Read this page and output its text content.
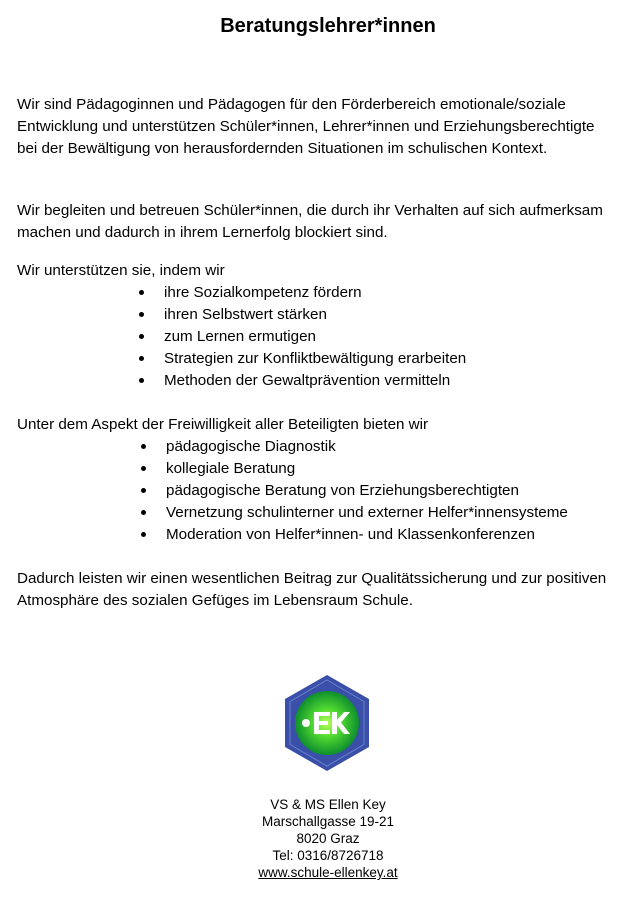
Beratungslehrer*innen

Wir sind Pädagoginnen und Pädagogen für den Förderbereich emotionale/soziale Entwicklung und unterstützen Schüler*innen, Lehrer*innen und Erziehungsberechtigte bei der Bewältigung von herausfordernden Situationen im schulischen Kontext.

Wir begleiten und betreuen Schüler*innen, die durch ihr Verhalten auf sich aufmerksam machen und dadurch in ihrem Lernerfolg blockiert sind.

Wir unterstützen sie, indem wir

ihre Sozialkompetenz fördern
ihren Selbstwert stärken
zum Lernen ermutigen
Strategien zur Konfliktbewältigung erarbeiten
Methoden der Gewaltprävention vermitteln

Unter dem Aspekt der Freiwilligkeit aller Beteiligten bieten wir

pädagogische Diagnostik
kollegiale Beratung
pädagogische Beratung von Erziehungsberechtigten
Vernetzung schulinterner und externer Helfer*innensysteme
Moderation von Helfer*innen- und Klassenkonferenzen

Dadurch leisten wir einen wesentlichen Beitrag zur Qualitätssicherung und zur positiven Atmosphäre des sozialen Gefüges im Lebensraum Schule.

VS & MS Ellen Key
Marschallgasse 19-21
8020 Graz
Tel: 0316/8726718
www.schule-ellenkey.at
